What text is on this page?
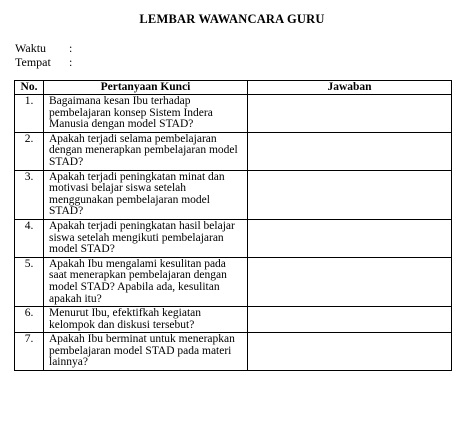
LEMBAR WAWANCARA GURU
Waktu :
Tempat :
No.	Pertanyaan Kunci	Jawaban
1.	Bagaimana kesan Ibu terhadap pembelajaran konsep Sistem Indera Manusia dengan model STAD?	
2.	Apakah terjadi selama pembelajaran dengan menerapkan pembelajaran model STAD?	
3.	Apakah terjadi peningkatan minat dan motivasi belajar siswa setelah menggunakan pembelajaran model STAD?	
4.	Apakah terjadi peningkatan hasil belajar siswa setelah mengikuti pembelajaran model STAD?	
5.	Apakah Ibu mengalami kesulitan pada saat menerapkan pembelajaran dengan model STAD? Apabila ada, kesulitan apakah itu?	
6.	Menurut Ibu, efektifkah kegiatan kelompok dan diskusi tersebut?	
7.	Apakah Ibu berminat untuk menerapkan pembelajaran model STAD pada materi lainnya?	
